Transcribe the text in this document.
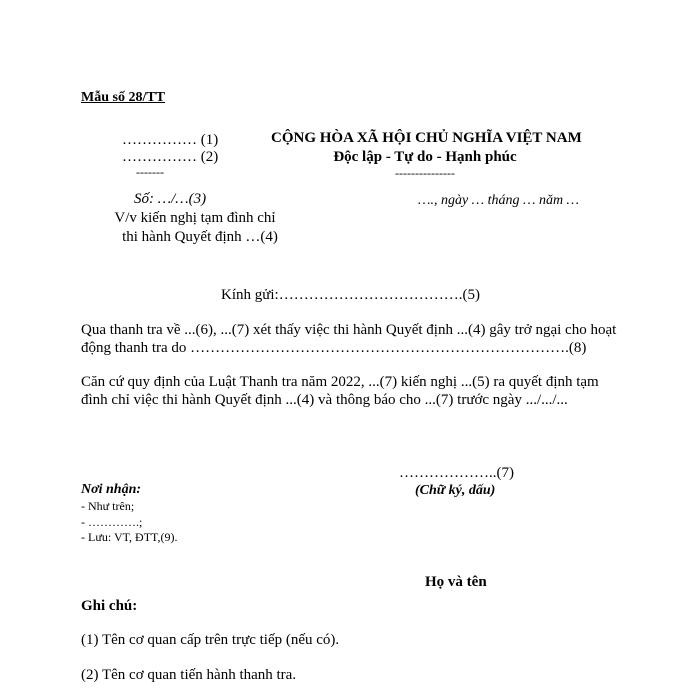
Mẫu số 28/TT
…………… (1)
…………… (2)
-------
Số: …/…(3)
V/v kiến nghị tạm đình chỉ
thi hành Quyết định …(4)
CỘNG HÒA XÃ HỘI CHỦ NGHĨA VIỆT NAM
Độc lập - Tự do - Hạnh phúc
---------------
…., ngày … tháng … năm …
Kính gửi:……………………………….(5)
Qua thanh tra về ...(6), ...(7) xét thấy việc thi hành Quyết định ...(4) gây trở ngại cho hoạt
động thanh tra do ………………………………………………………………….(8)
Căn cứ quy định của Luật Thanh tra năm 2022, ...(7) kiến nghị ...(5) ra quyết định tạm
đình chỉ việc thi hành Quyết định ...(4) và thông báo cho ...(7) trước ngày .../.../...
………………..(7)
(Chữ ký, dấu)
Họ và tên
Nơi nhận:
- Như trên;
- ………….;
- Lưu: VT, ĐTT,(9).
Ghi chú:
(1) Tên cơ quan cấp trên trực tiếp (nếu có).
(2) Tên cơ quan tiến hành thanh tra.
